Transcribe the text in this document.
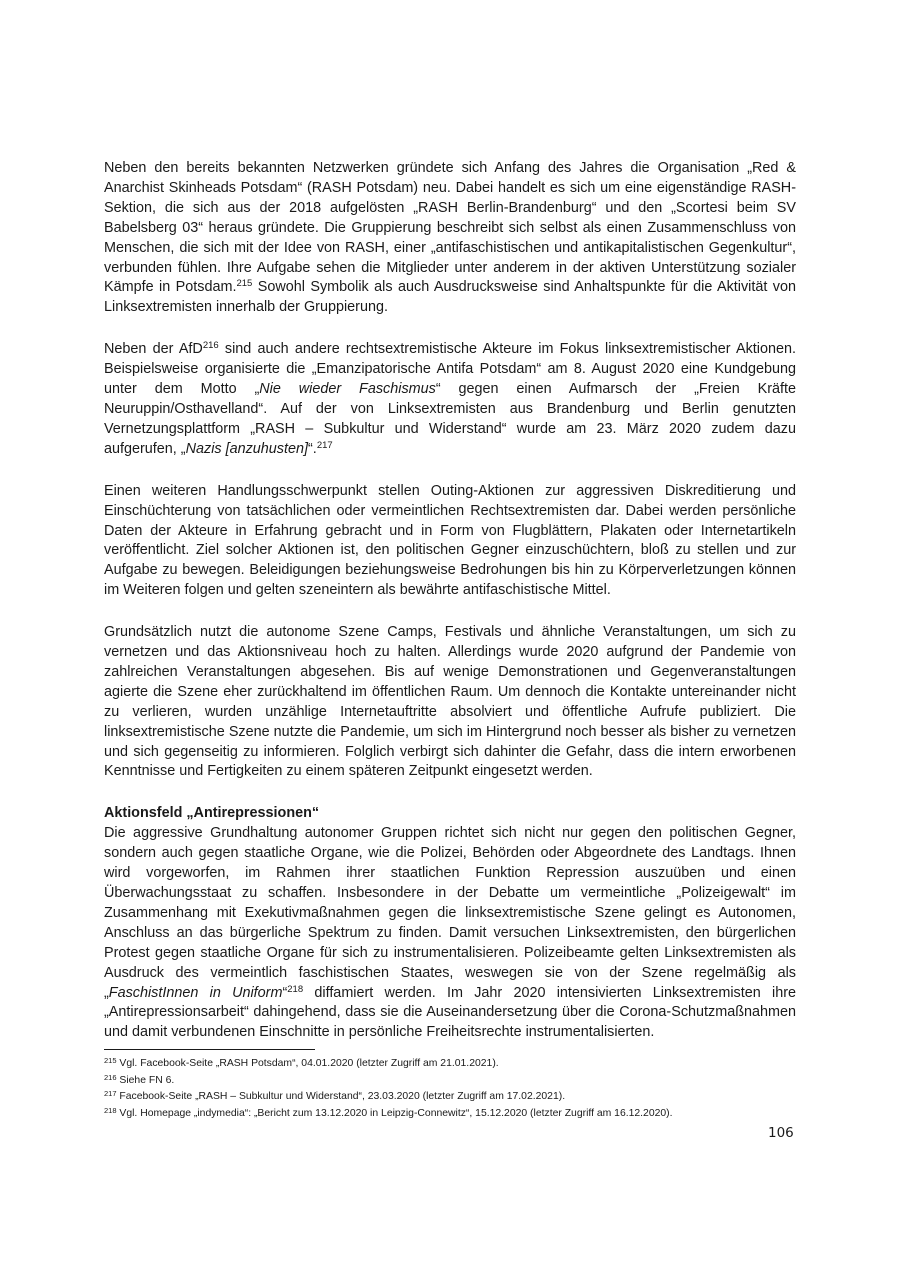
Neben den bereits bekannten Netzwerken gründete sich Anfang des Jahres die Organisation „Red & Anarchist Skinheads Potsdam“ (RASH Potsdam) neu. Dabei handelt es sich um eine eigenständige RASH-Sektion, die sich aus der 2018 aufgelösten „RASH Berlin-Brandenburg“ und den „Scortesi beim SV Babelsberg 03“ heraus gründete. Die Gruppierung beschreibt sich selbst als einen Zusammenschluss von Menschen, die sich mit der Idee von RASH, einer „antifaschistischen und antikapitalistischen Gegenkultur“, verbunden fühlen. Ihre Aufgabe sehen die Mitglieder unter anderem in der aktiven Unterstützung sozialer Kämpfe in Potsdam.$^{215}$ Sowohl Symbolik als auch Ausdrucksweise sind Anhaltspunkte für die Aktivität von Linksextremisten innerhalb der Gruppierung.

Neben der AfD$^{216}$ sind auch andere rechtsextremistische Akteure im Fokus linksextremistischer Aktionen. Beispielsweise organisierte die „Emanzipatorische Antifa Potsdam“ am 8. August 2020 eine Kundgebung unter dem Motto „Nie wieder Faschismus“ gegen einen Aufmarsch der „Freien Kräfte Neuruppin/Osthavelland“. Auf der von Linksextremisten aus Brandenburg und Berlin genutzten Vernetzungsplattform „RASH – Subkultur und Widerstand“ wurde am 23. März 2020 zudem dazu aufgerufen, „Nazis [anzuhusten]“.$^{217}$

Einen weiteren Handlungsschwerpunkt stellen Outing-Aktionen zur aggressiven Diskreditierung und Einschüchterung von tatsächlichen oder vermeintlichen Rechtsextremisten dar. Dabei werden persönliche Daten der Akteure in Erfahrung gebracht und in Form von Flugblättern, Plakaten oder Internetartikeln veröffentlicht. Ziel solcher Aktionen ist, den politischen Gegner einzuschüchtern, bloß zu stellen und zur Aufgabe zu bewegen. Beleidigungen beziehungsweise Bedrohungen bis hin zu Körperverletzungen können im Weiteren folgen und gelten szeneintern als bewährte antifaschistische Mittel.

Grundsätzlich nutzt die autonome Szene Camps, Festivals und ähnliche Veranstaltungen, um sich zu vernetzen und das Aktionsniveau hoch zu halten. Allerdings wurde 2020 aufgrund der Pandemie von zahlreichen Veranstaltungen abgesehen. Bis auf wenige Demonstrationen und Gegenveranstaltungen agierte die Szene eher zurückhaltend im öffentlichen Raum. Um dennoch die Kontakte untereinander nicht zu verlieren, wurden unzählige Internetauftritte absolviert und öffentliche Aufrufe publiziert. Die linksextremistische Szene nutzte die Pandemie, um sich im Hintergrund noch besser als bisher zu vernetzen und sich gegenseitig zu informieren. Folglich verbirgt sich dahinter die Gefahr, dass die intern erworbenen Kenntnisse und Fertigkeiten zu einem späteren Zeitpunkt eingesetzt werden.

Aktionsfeld „Antirepressionen“

Die aggressive Grundhaltung autonomer Gruppen richtet sich nicht nur gegen den politischen Gegner, sondern auch gegen staatliche Organe, wie die Polizei, Behörden oder Abgeordnete des Landtags. Ihnen wird vorgeworfen, im Rahmen ihrer staatlichen Funktion Repression auszuüben und einen Überwachungsstaat zu schaffen. Insbesondere in der Debatte um vermeintliche „Polizeigewalt“ im Zusammenhang mit Exekutivmaßnahmen gegen die linksextremistische Szene gelingt es Autonomen, Anschluss an das bürgerliche Spektrum zu finden. Damit versuchen Linksextremisten, den bürgerlichen Protest gegen staatliche Organe für sich zu instrumentalisieren. Polizeibeamte gelten Linksextremisten als Ausdruck des vermeintlich faschistischen Staates, weswegen sie von der Szene regelmäßig als „FaschistInnen in Uniform“$^{218}$ diffamiert werden. Im Jahr 2020 intensivierten Linksextremisten ihre „Antirepressionsarbeit“ dahingehend, dass sie die Auseinandersetzung über die Corona-Schutzmaßnahmen und damit verbundenen Einschnitte in persönliche Freiheitsrechte instrumentalisierten.

$^{215}$ Vgl. Facebook-Seite „RASH Potsdam“, 04.01.2020 (letzter Zugriff am 21.01.2021).

$^{216}$ Siehe FN 6.

$^{217}$ Facebook-Seite „RASH – Subkultur und Widerstand“, 23.03.2020 (letzter Zugriff am 17.02.2021).

$^{218}$ Vgl. Homepage „indymedia“: „Bericht zum 13.12.2020 in Leipzig-Connewitz“, 15.12.2020 (letzter Zugriff am 16.12.2020).

106
